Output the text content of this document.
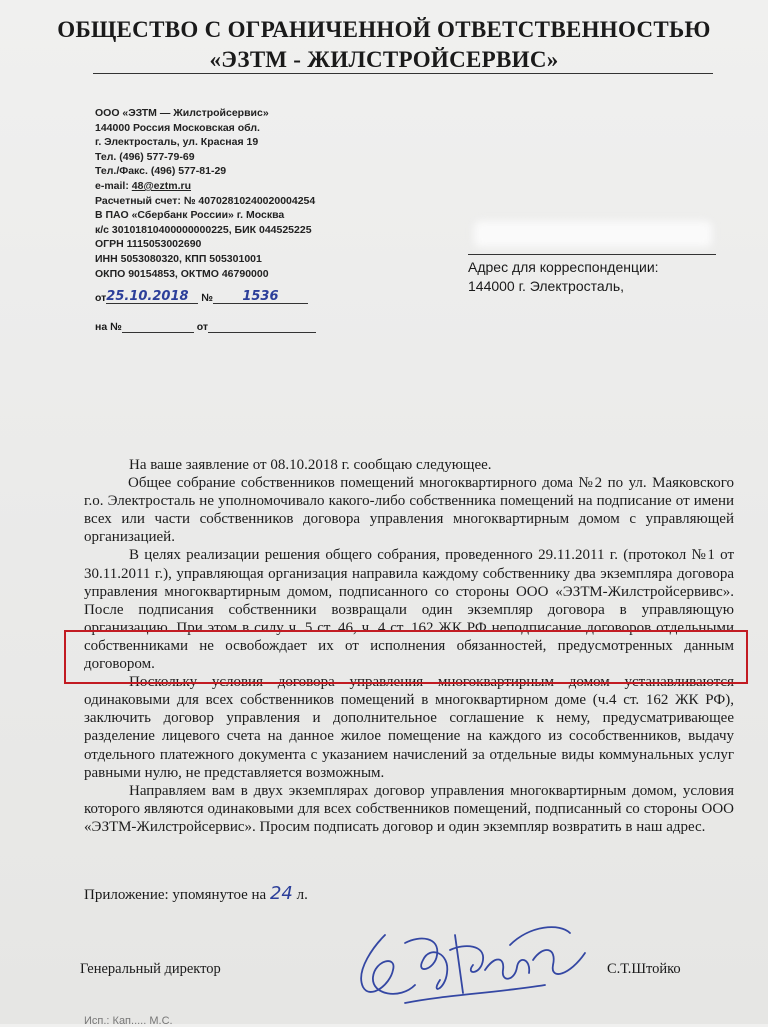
ОБЩЕСТВО С ОГРАНИЧЕННОЙ ОТВЕТСТВЕННОСТЬЮ
«ЭЗТМ - ЖИЛСТРОЙСЕРВИС»
ООО «ЭЗТМ — Жилстройсервис»
144000 Россия Московская обл.
г. Электросталь, ул. Красная 19
Тел. (496) 577-79-69
Тел./Факс. (496) 577-81-29
e-mail: 48@eztm.ru
Расчетный счет: № 40702810240020004254
В ПАО «Сбербанк России» г. Москва
к/с 30101810400000000225, БИК 044525225
ОГРН 1115053002690
ИНН 5053080320, КПП 505301001
ОКПО 90154853, ОКТМО 46790000
от25.10.2018 № 1536
на №	от
Адрес для корреспонденции:
144000 г. Электросталь,

На ваше заявление от 08.10.2018 г. сообщаю следующее.

Общее собрание собственников помещений многоквартирного дома №2 по ул. Маяковского г.о. Электросталь не уполномочивало какого-либо собственника помещений на подписание от имени всех или части собственников договора управления многоквартирным домом с управляющей организацией.

В целях реализации решения общего собрания, проведенного 29.11.2011 г. (протокол №1 от 30.11.2011 г.), управляющая организация направила каждому собственнику два экземпляра договора управления многоквартирным домом, подписанного со стороны ООО «ЭЗТМ-Жилстройсервивс». После подписания собственники возвращали один экземпляр договора в управляющую организацию. При этом в силу ч. 5 ст. 46, ч. 4 ст. 162 ЖК РФ неподписание договоров отдельными собственниками не освобождает их от исполнения обязанностей, предусмотренных данным договором.

Поскольку условия договора управления многоквартирным домом устанавливаются одинаковыми для всех собственников помещений в многоквартирном доме (ч.4 ст. 162 ЖК РФ), заключить договор управления и дополнительное соглашение к нему, предусматривающее разделение лицевого счета на данное жилое помещение на каждого из сособственников, выдачу отдельного платежного документа с указанием начислений за отдельные виды коммунальных услуг равными нулю, не представляется возможным.

Направляем вам в двух экземплярах договор управления многоквартирным домом, условия которого являются одинаковыми для всех собственников помещений, подписанный со стороны ООО «ЭЗТМ-Жилстройсервис». Просим подписать договор и один экземпляр возвратить в наш адрес.

Приложение: упомянутое на 24 л.
Генеральный директор	С.Т.Штойко
Исп.: Кап..... М.С.
